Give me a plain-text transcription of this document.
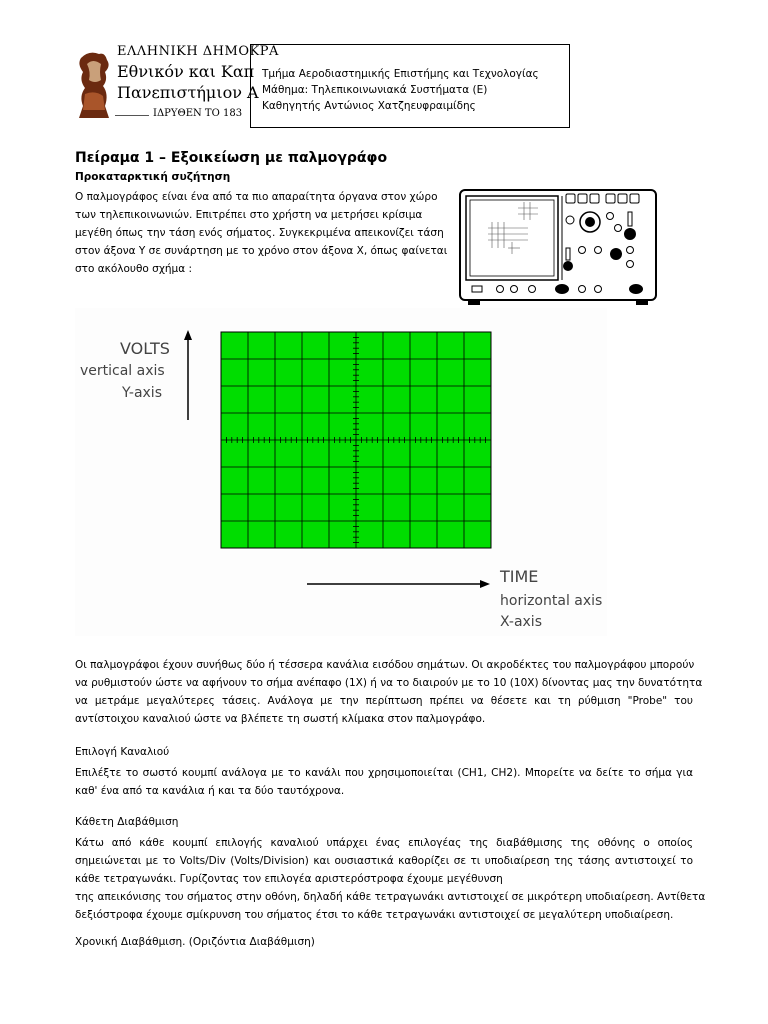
ΕΛΛΗΝΙΚΗ ΔΗΜΟΚΡΑ
Εθνικόν και Καπ
Πανεπιστήμιον Α
ΙΔΡΥΘΕΝ ΤΟ 183
Τμήμα Αεροδιαστημικής Επιστήμης και Τεχνολογίας
Μάθημα: Τηλεπικοινωνιακά Συστήματα (Ε)
Καθηγητής Αντώνιος Χατζηευφραιμίδης
Πείραμα 1 – Εξοικείωση με παλμογράφο
Προκαταρκτική συζήτηση
Ο παλμογράφος είναι ένα από τα πιο απαραίτητα όργανα στον χώρο
των τηλεπικοινωνιών. Επιτρέπει στο χρήστη να μετρήσει κρίσιμα
μεγέθη όπως την τάση ενός σήματος. Συγκεκριμένα απεικονίζει τάση
στον άξονα Y σε συνάρτηση με το χρόνο στον άξονα X, όπως φαίνεται
στο ακόλουθο σχήμα :
VOLTS
vertical axis
Y-axis
TIME
horizontal axis
X-axis
Οι παλμογράφοι έχουν συνήθως δύο ή τέσσερα κανάλια εισόδου σημάτων. Οι ακροδέκτες του παλμογράφου μπορούν
να ρυθμιστούν ώστε να αφήνουν το σήμα ανέπαφο (1X) ή να το διαιρούν με το 10 (10X) δίνοντας μας την δυνατότητα
να μετράμε μεγαλύτερες τάσεις. Ανάλογα με την περίπτωση πρέπει να θέσετε και τη ρύθμιση "Probe" του
αντίστοιχου καναλιού ώστε να βλέπετε τη σωστή κλίμακα στον παλμογράφο.
Επιλογή Καναλιού
Επιλέξτε το σωστό κουμπί ανάλογα με το κανάλι που χρησιμοποιείται (CH1, CH2). Μπορείτε να δείτε το σήμα για
καθ' ένα από τα κανάλια ή και τα δύο ταυτόχρονα.
Κάθετη Διαβάθμιση
Κάτω από κάθε κουμπί επιλογής καναλιού υπάρχει ένας επιλογέας της διαβάθμισης της οθόνης ο οποίος
σημειώνεται με το Volts/Div (Volts/Division) και ουσιαστικά καθορίζει σε τι υποδιαίρεση της τάσης αντιστοιχεί το
κάθε τετραγωνάκι. Γυρίζοντας τον επιλογέα αριστερόστροφα έχουμε μεγέθυνση
της απεικόνισης του σήματος στην οθόνη, δηλαδή κάθε τετραγωνάκι αντιστοιχεί σε μικρότερη υποδιαίρεση. Αντίθετα
δεξιόστροφα έχουμε σμίκρυνση του σήματος έτσι το κάθε τετραγωνάκι αντιστοιχεί σε μεγαλύτερη υποδιαίρεση.
Χρονική Διαβάθμιση. (Οριζόντια Διαβάθμιση)
